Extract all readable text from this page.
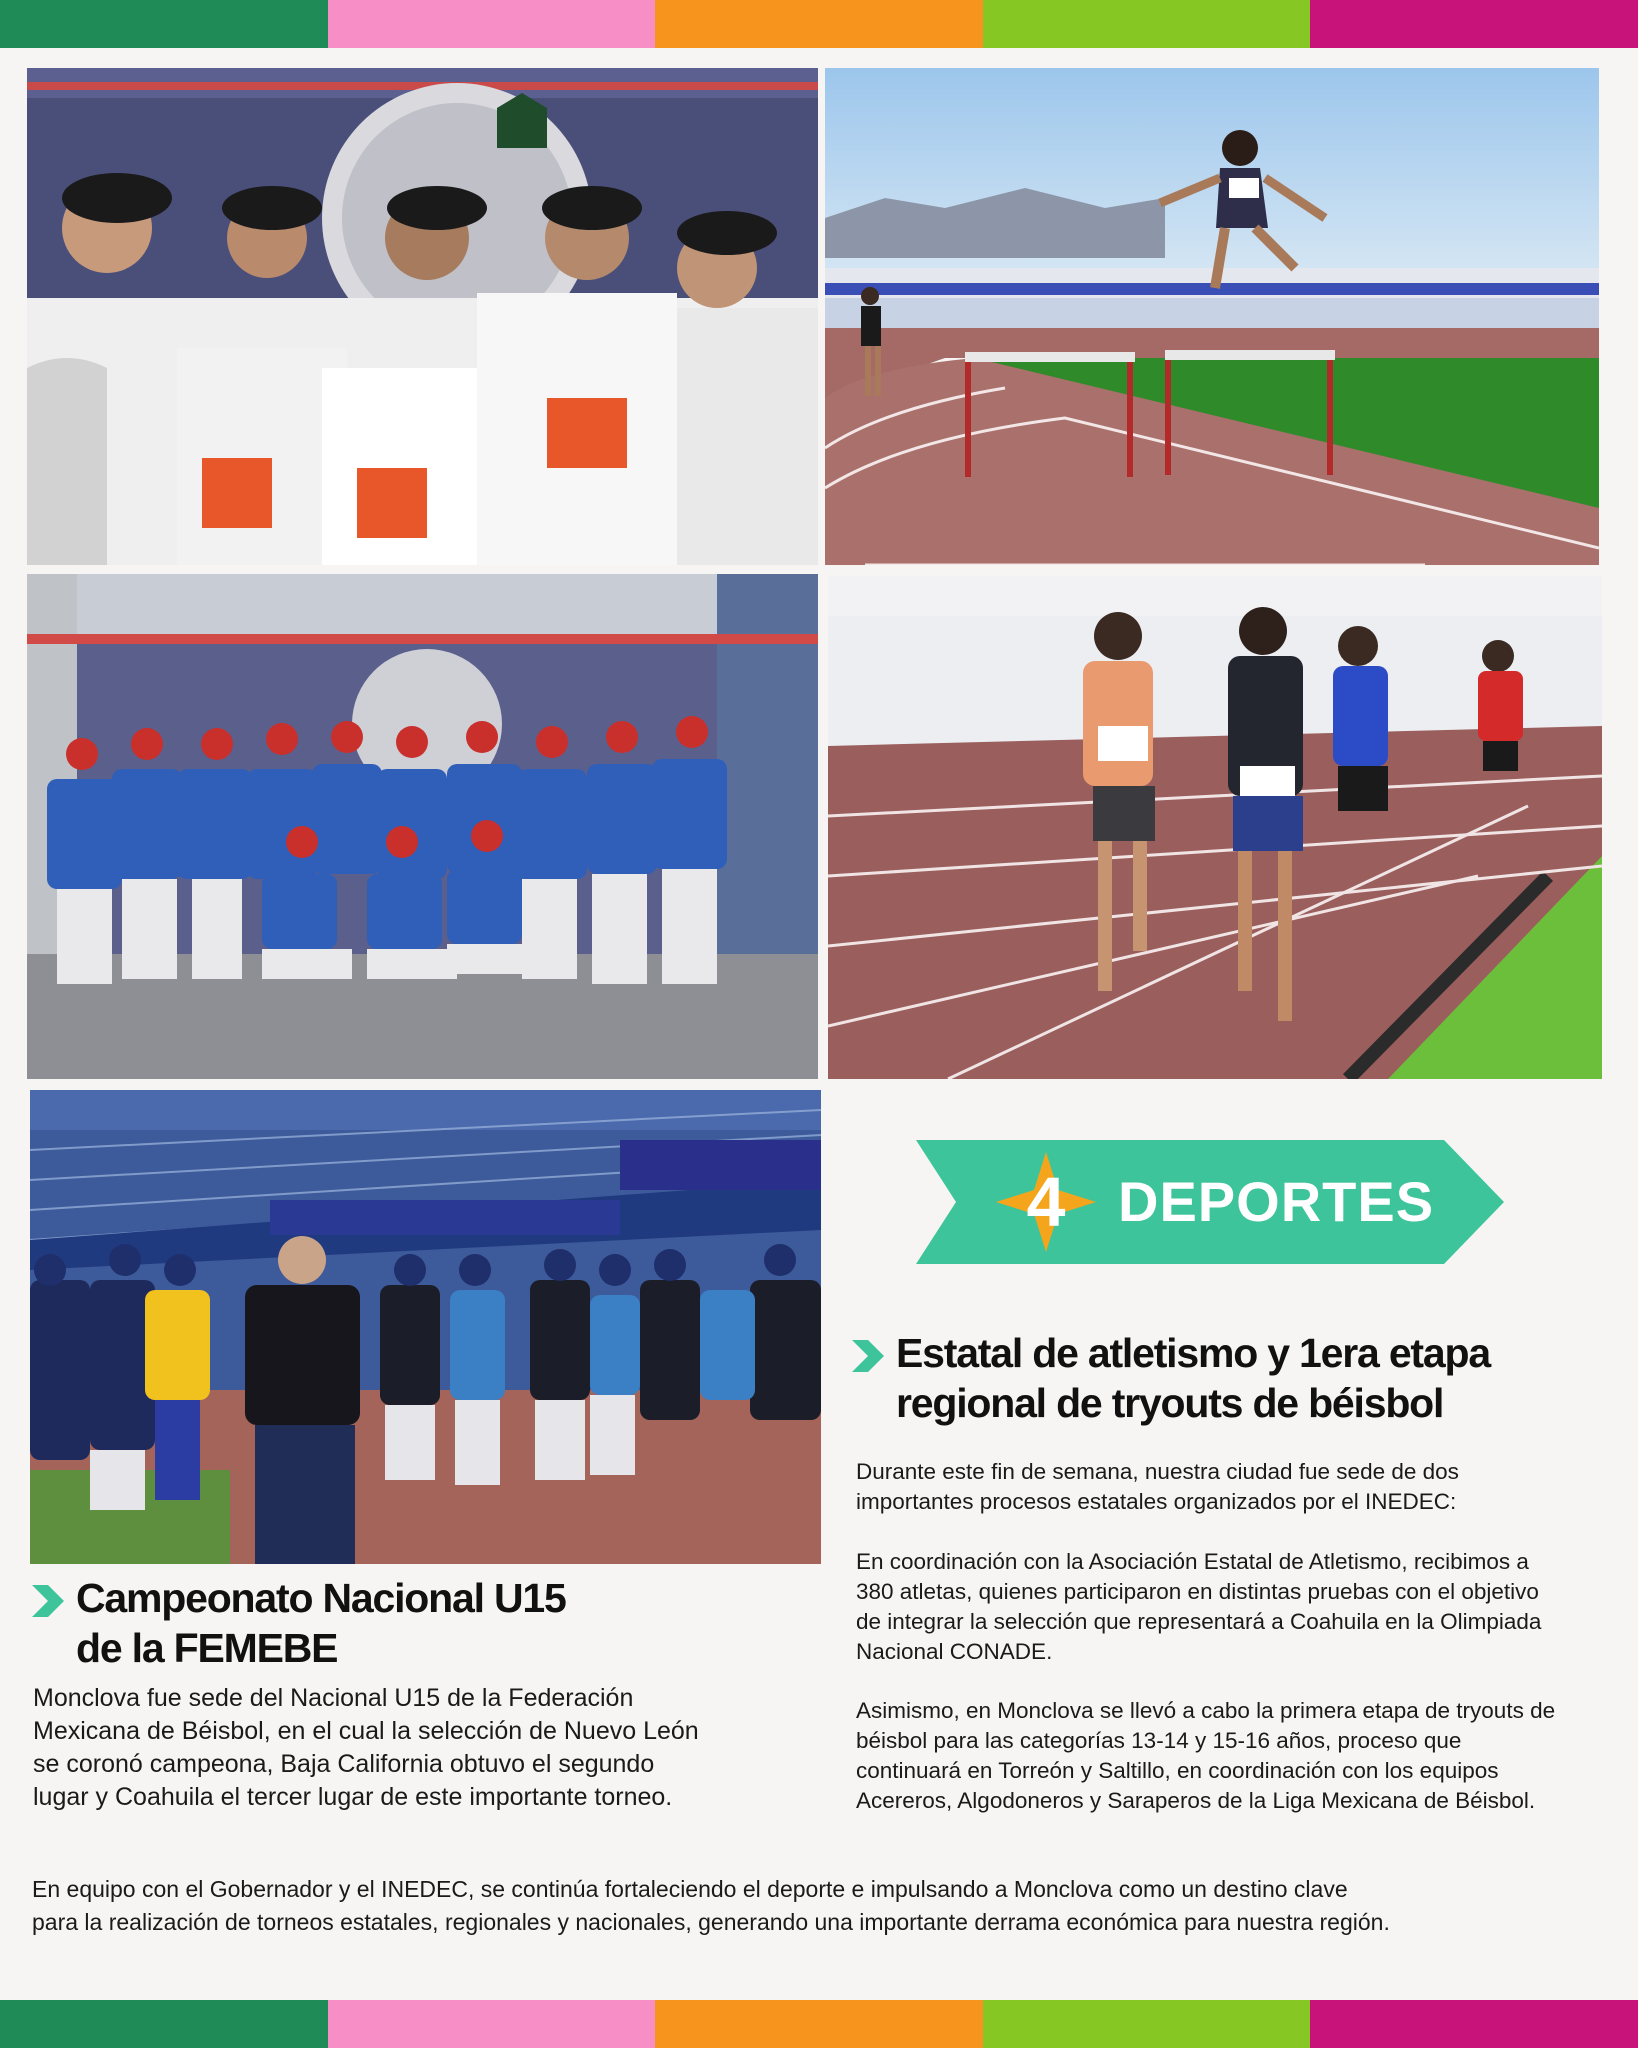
4 DEPORTES
Estatal de atletismo y 1era etapa
regional de tryouts de béisbol
Durante este fin de semana, nuestra ciudad fue sede de dos
importantes procesos estatales organizados por el INEDEC:
En coordinación con la Asociación Estatal de Atletismo, recibimos a
380 atletas, quienes participaron en distintas pruebas con el objetivo
de integrar la selección que representará a Coahuila en la Olimpiada
Nacional CONADE.
Asimismo, en Monclova se llevó a cabo la primera etapa de tryouts de
béisbol para las categorías 13-14 y 15-16 años, proceso que
continuará en Torreón y Saltillo, en coordinación con los equipos
Acereros, Algodoneros y Saraperos de la Liga Mexicana de Béisbol.
Campeonato Nacional U15
de la FEMEBE
Monclova fue sede del Nacional U15 de la Federación
Mexicana de Béisbol, en el cual la selección de Nuevo León
se coronó campeona, Baja California obtuvo el segundo
lugar y Coahuila el tercer lugar de este importante torneo.
En equipo con el Gobernador y el INEDEC, se continúa fortaleciendo el deporte e impulsando a Monclova como un destino clave
para la realización de torneos estatales, regionales y nacionales, generando una importante derrama económica para nuestra región.
